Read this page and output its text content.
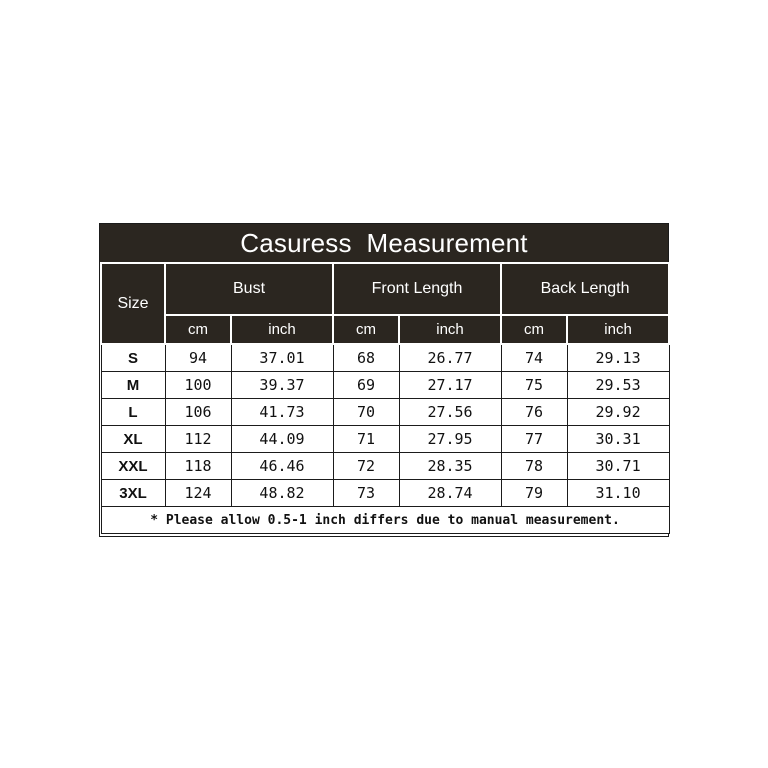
Casuress  Measurement
Size	Bust		Front Length		Back Length	
	cm	inch	cm	inch	cm	inch
S	94	37.01	68	26.77	74	29.13
M	100	39.37	69	27.17	75	29.53
L	106	41.73	70	27.56	76	29.92
XL	112	44.09	71	27.95	77	30.31
XXL	118	46.46	72	28.35	78	30.71
3XL	124	48.82	73	28.74	79	31.10
* Please allow 0.5-1 inch differs due to manual measurement.						
